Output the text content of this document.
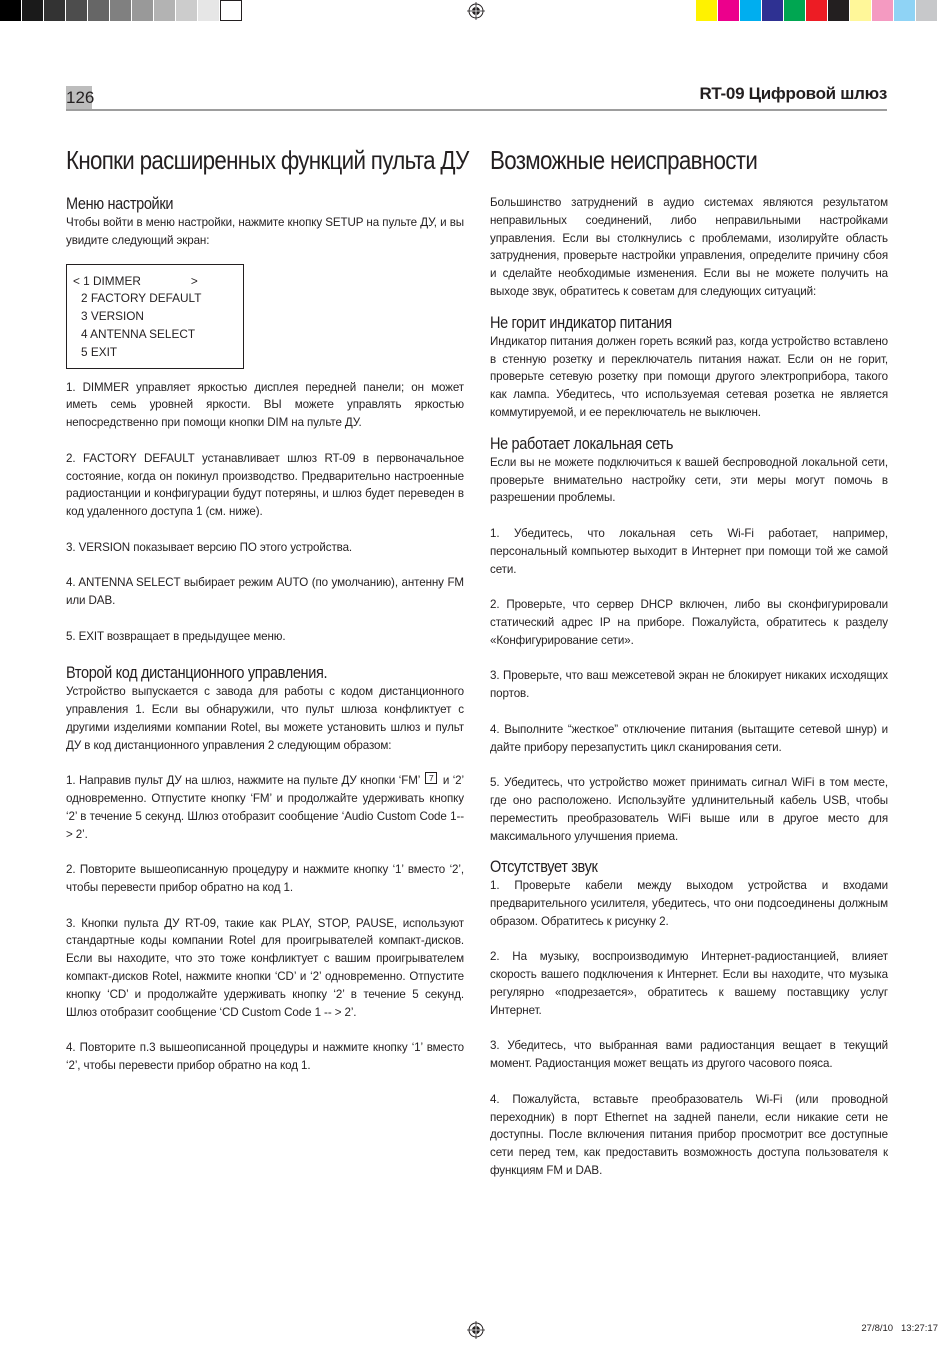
126	RT-09 Цифровой шлюз
Кнопки расширенных функций пульта ДУ
Меню настройки

Чтобы войти в меню настройки, нажмите кнопку SETUP на пульте ДУ, и вы увидите следующий экран:

< 1 DIMMER	>
2 FACTORY DEFAULT
3 VERSION
4 ANTENNA SELECT
5 EXIT

1. DIMMER управляет яркостью дисплея передней панели; он может иметь семь уровней яркости. ВЫ можете управлять яркостью непосредственно при помощи кнопки DIM на пульте ДУ.

2. FACTORY DEFAULT устанавливает шлюз RT-09 в первоначальное состояние, когда он покинул производство. Предварительно настроенные радиостанции и конфигурации будут потеряны, и шлюз будет переведен в код удаленного доступа 1 (см. ниже).

3. VERSION показывает версию ПО этого устройства.

4. ANTENNA SELECT выбирает режим AUTO (по умолчанию), антенну FM или DAB.

5. EXIT возвращает в предыдущее меню.

Второй код дистанционного управления.

Устройство выпускается с завода для работы с кодом дистанционного управления 1. Если вы обнаружили, что пульт шлюза конфликтует с другими изделиями компании Rotel, вы можете установить шлюз и пульт ДУ в код дистанционного управления 2 следующим образом:

1. Направив пульт ДУ на шлюз, нажмите на пульте ДУ кнопки ‘FM’ 7 и ‘2’ одновременно. Отпустите кнопку ‘FM’ и продолжайте удерживать кнопку ‘2’ в течение 5 секунд. Шлюз отобразит сообщение ‘Audio Custom Code 1-- > 2’.

2. Повторите вышеописанную процедуру и нажмите кнопку ‘1’ вместо ‘2’, чтобы перевести прибор обратно на код 1.

3. Кнопки пульта ДУ RT-09, такие как PLAY, STOP, PAUSE, используют стандартные коды компании Rotel для проигрывателей компакт-дисков. Если вы находите, что это тоже конфликтует с вашим проигрывателем компакт-дисков Rotel, нажмите кнопки ‘CD’ и ‘2’ одновременно. Отпустите кнопку ‘CD’ и продолжайте удерживать кнопку ‘2’ в течение 5 секунд. Шлюз отобразит сообщение ‘CD Custom Code 1 -- > 2’.

4. Повторите п.3 вышеописанной процедуры и нажмите кнопку ‘1’ вместо ‘2’, чтобы перевести прибор обратно на код 1.

Возможные неисправности

Большинство затруднений в аудио системах являются результатом неправильных соединений, либо неправильными настройками управления. Если вы столкнулись с проблемами, изолируйте область затруднения, проверьте настройки управления, определите причину сбоя и сделайте необходимые изменения. Если вы не можете получить на выходе звук, обратитесь к советам для следующих ситуаций:

Не горит индикатор питания

Индикатор питания должен гореть всякий раз, когда устройство вставлено в стенную розетку и переключатель питания нажат. Если он не горит, проверьте сетевую розетку при помощи другого электроприбора, такого как лампа. Убедитесь, что используемая сетевая розетка не является коммутируемой, и ее переключатель не выключен.

Не работает локальная сеть

Если вы не можете подключиться к вашей беспроводной локальной сети, проверьте внимательно настройку сети, эти меры могут помочь в разрешении проблемы.

1. Убедитесь, что локальная сеть Wi-Fi работает, например, персональный компьютер выходит в Интернет при помощи той же самой сети.

2. Проверьте, что сервер DHCP включен, либо вы сконфигурировали статический адрес IP на приборе. Пожалуйста, обратитесь к разделу «Конфигурирование сети».

3. Проверьте, что ваш межсетевой экран не блокирует никаких исходящих портов.

4. Выполните “жесткое” отключение питания (вытащите сетевой шнур) и дайте прибору перезапустить цикл сканирования сети.

5. Убедитесь, что устройство может принимать сигнал WiFi в том месте, где оно расположено. Используйте удлинительный кабель USB, чтобы переместить преобразователь WiFi выше или в другое место для максимального улучшения приема.

Отсутствует звук

1. Проверьте кабели между выходом устройства и входами предварительного усилителя, убедитесь, что они подсоединены должным образом. Обратитесь к рисунку 2.

2. На музыку, воспроизводимую Интернет-радиостанцией, влияет скорость вашего подключения к Интернет. Если вы находите, что музыка регулярно «подрезается», обратитесь к вашему поставщику услуг Интернет.

3. Убедитесь, что выбранная вами радиостанция вещает в текущий момент. Радиостанция может вещать из другого часового пояса.

4. Пожалуйста, вставьте преобразователь Wi-Fi (или проводной переходник) в порт Ethernet на задней панели, если никакие сети не доступны. После включения питания прибор просмотрит все доступные сети перед тем, как предоставить возможность доступа пользователя к функциям FM и DAB.

27/8/10 13:27:17
